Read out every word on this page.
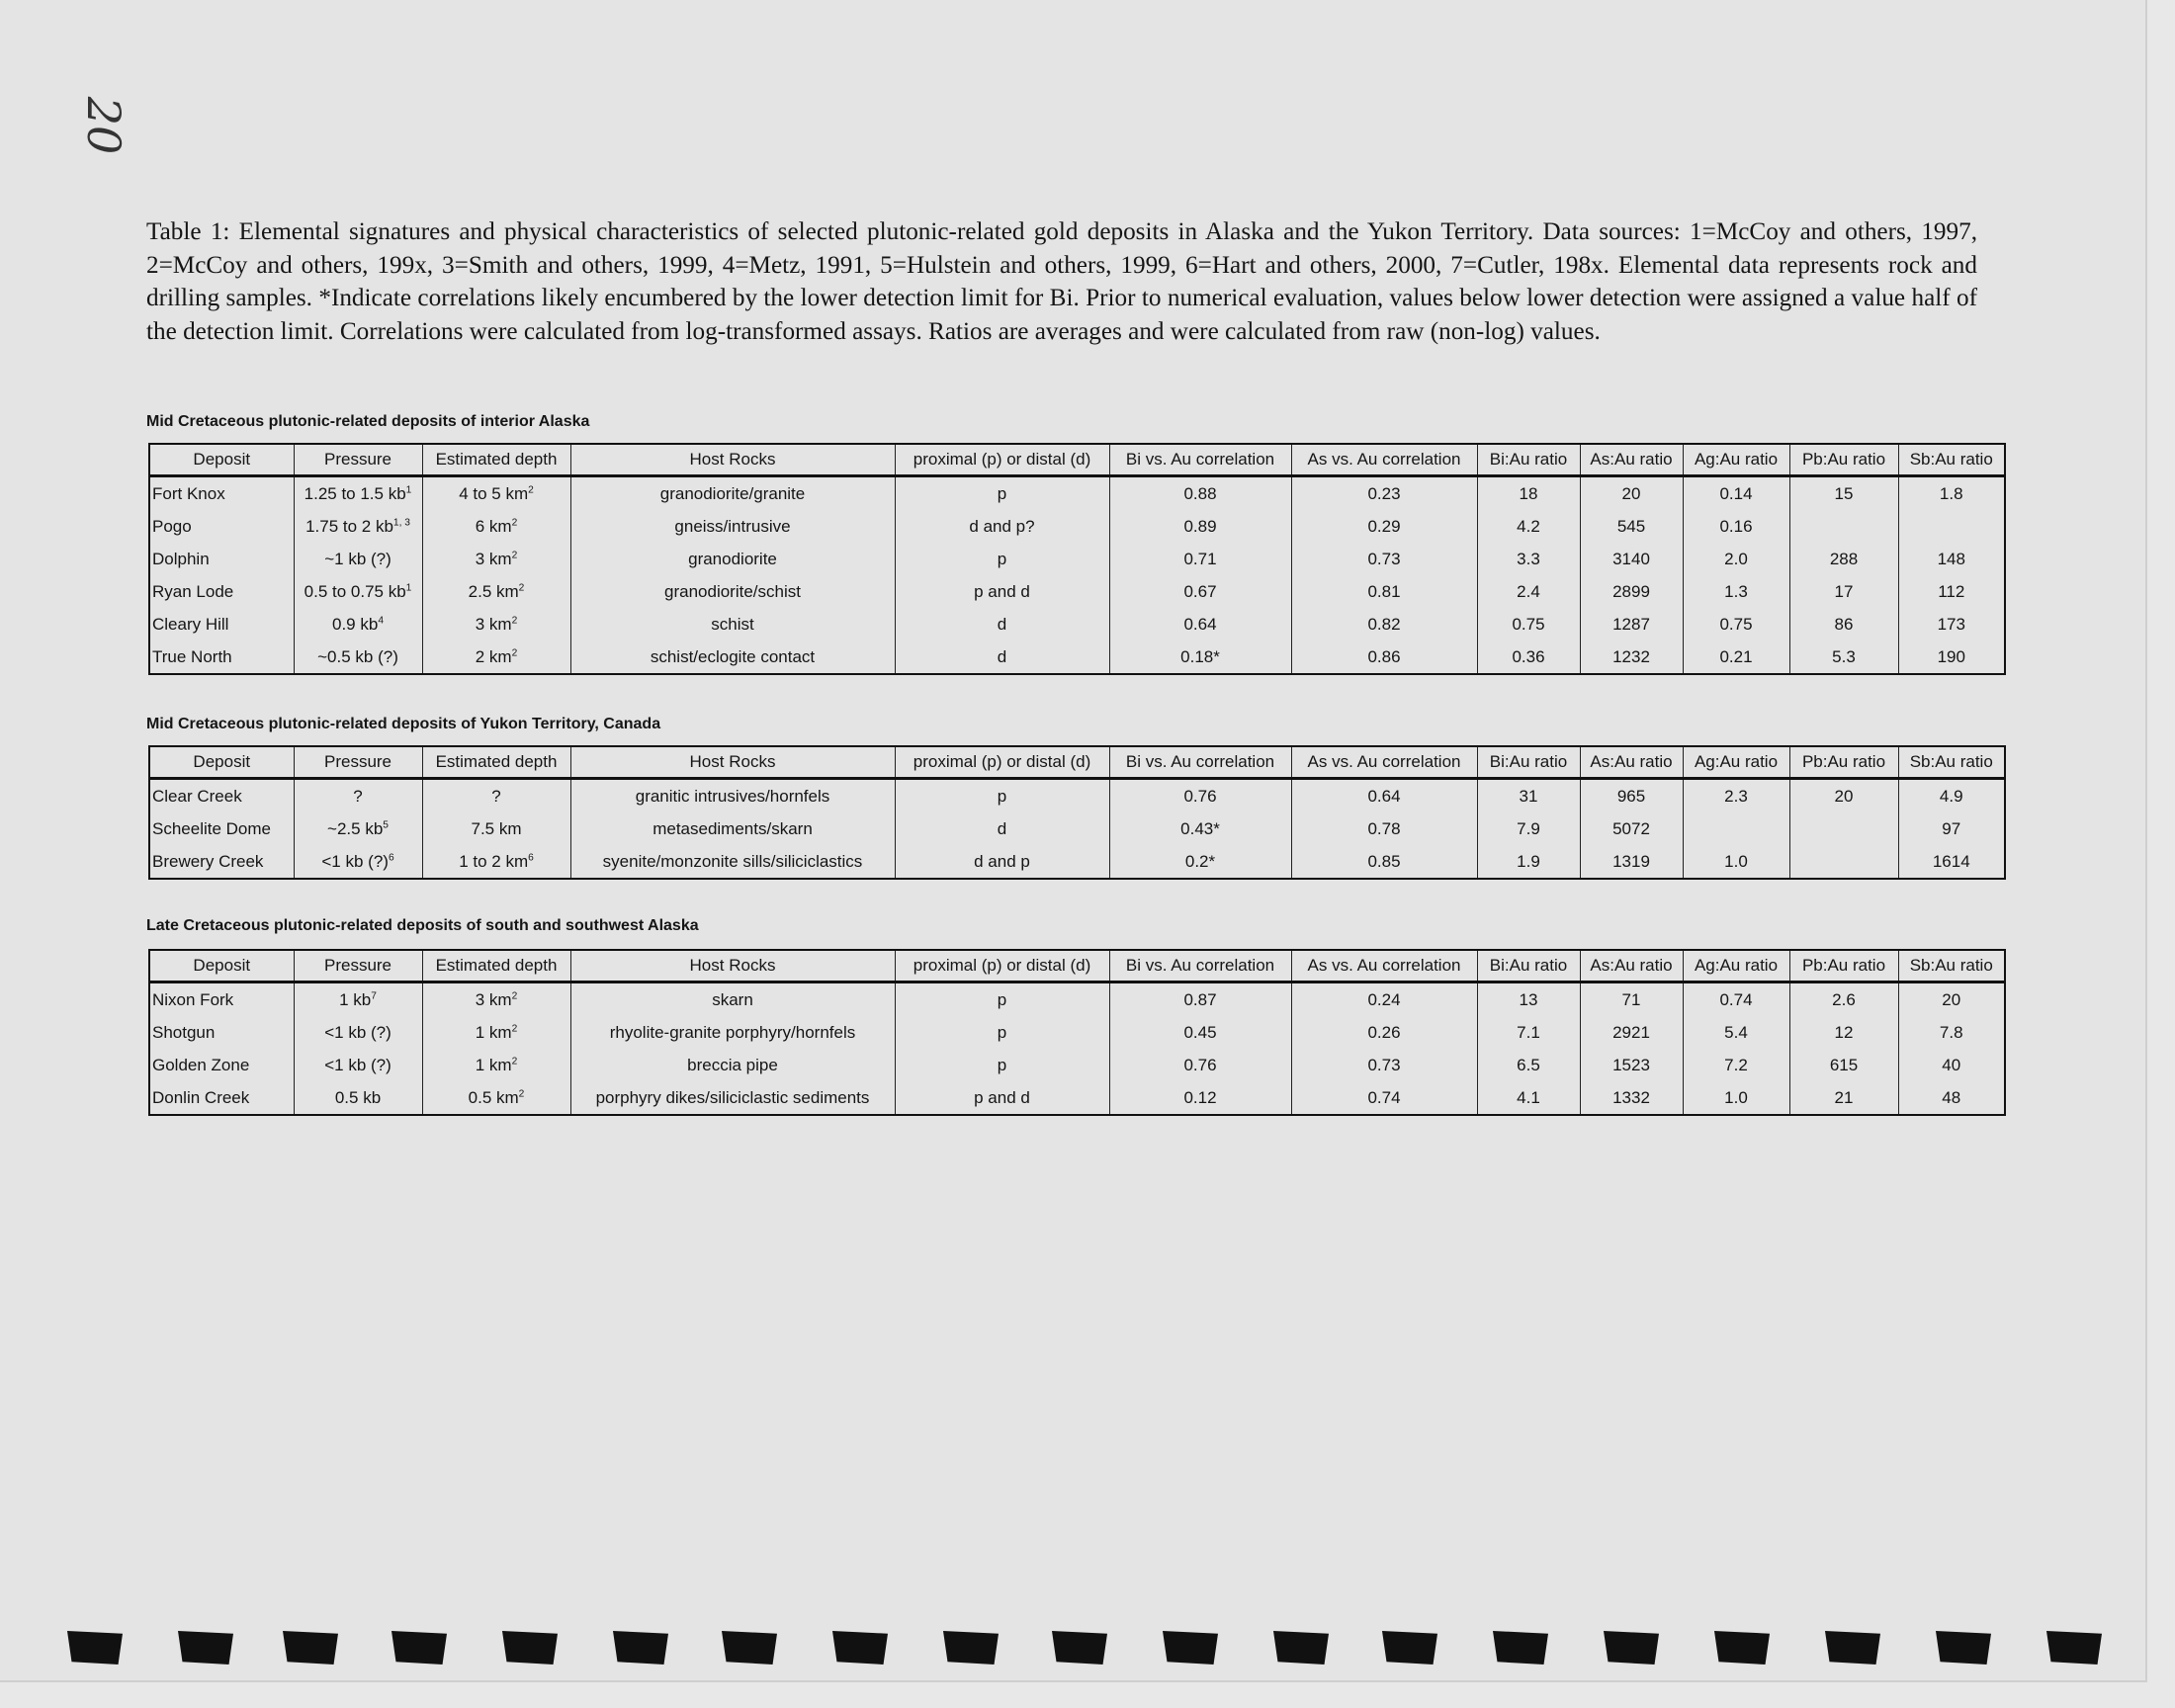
20

Table 1: Elemental signatures and physical characteristics of selected plutonic-related gold deposits in Alaska and the Yukon Territory. Data sources: 1=McCoy and others, 1997, 2=McCoy and others, 199x, 3=Smith and others, 1999, 4=Metz, 1991, 5=Hulstein and others, 1999, 6=Hart and others, 2000, 7=Cutler, 198x. Elemental data represents rock and drilling samples. *Indicate correlations likely encumbered by the lower detection limit for Bi. Prior to numerical evaluation, values below lower detection were assigned a value half of the detection limit. Correlations were calculated from log-transformed assays. Ratios are averages and were calculated from raw (non-log) values.

Mid Cretaceous plutonic-related deposits of interior Alaska

Deposit	Pressure	Estimated depth	Host Rocks	proximal (p) or distal (d)	Bi vs. Au correlation	As vs. Au correlation	Bi:Au ratio	As:Au ratio	Ag:Au ratio	Pb:Au ratio	Sb:Au ratio
Fort Knox	1.25 to 1.5 $kb^1$	4 to 5 $km^2$	granodiorite/granite	p	0.88	0.23	18	20	0.14	15	1.8
Pogo	1.75 to 2 kb$^{1, 3}$	6 $km^2$	gneiss/intrusive	d and p?	0.89	0.29	4.2	545	0.16		
Dolphin	~1 kb (?)	3 $km^2$	granodiorite	p	0.71	0.73	3.3	3140	2.0	288	148
Ryan Lode	0.5 to 0.75 $kb^1$	2.5 $km^2$	granodiorite/schist	p and d	0.67	0.81	2.4	2899	1.3	17	112
Cleary Hill	0.9 $kb^4$	3 $km^2$	schist	d	0.64	0.82	0.75	1287	0.75	86	173
True North	~0.5 kb (?)	2 $km^2$	schist/eclogite contact	d	0.18*	0.86	0.36	1232	0.21	5.3	190

Mid Cretaceous plutonic-related deposits of Yukon Territory, Canada

Deposit	Pressure	Estimated depth	Host Rocks	proximal (p) or distal (d)	Bi vs. Au correlation	As vs. Au correlation	Bi:Au ratio	As:Au ratio	Ag:Au ratio	Pb:Au ratio	Sb:Au ratio
Clear Creek	?	?	granitic intrusives/hornfels	p	0.76	0.64	31	965	2.3	20	4.9
Scheelite Dome	~2.5 $kb^5$	7.5 km	metasediments/skarn	d	0.43*	0.78	7.9	5072			97
Brewery Creek	<1 kb (?)$^6$	1 to 2 $km^6$	syenite/monzonite sills/siliciclastics	d and p	0.2*	0.85	1.9	1319	1.0		1614

Late Cretaceous plutonic-related deposits of south and southwest Alaska

Deposit	Pressure	Estimated depth	Host Rocks	proximal (p) or distal (d)	Bi vs. Au correlation	As vs. Au correlation	Bi:Au ratio	As:Au ratio	Ag:Au ratio	Pb:Au ratio	Sb:Au ratio
Nixon Fork	1 $kb^7$	3 $km^2$	skarn	p	0.87	0.24	13	71	0.74	2.6	20
Shotgun	<1 kb (?)	1 $km^2$	rhyolite-granite porphyry/hornfels	p	0.45	0.26	7.1	2921	5.4	12	7.8
Golden Zone	<1 kb (?)	1 $km^2$	breccia pipe	p	0.76	0.73	6.5	1523	7.2	615	40
Donlin Creek	0.5 kb	0.5 $km^2$	porphyry dikes/siliciclastic sediments	p and d	0.12	0.74	4.1	1332	1.0	21	48
